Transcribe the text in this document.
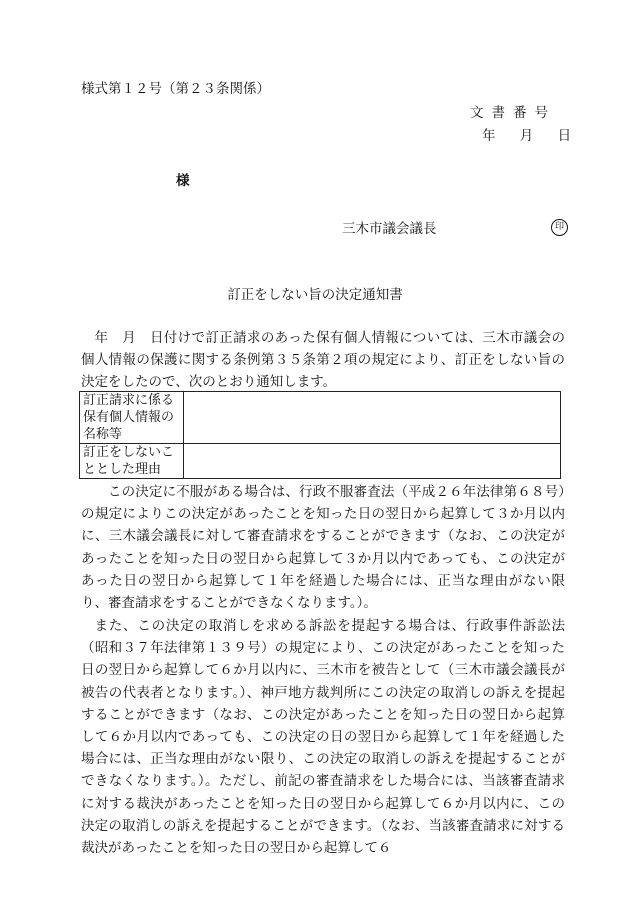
様式第１２号（第２３条関係）
文書番号
年 月 日
様
三木市議会議長	印
訂正をしない旨の決定通知書
年　月　日付けで訂正請求のあった保有個人情報については、三木市議会の個人情報の保護に関する条例第３５条第２項の規定により、訂正をしない旨の決定をしたので、次のとおり通知します。
訂正請求に係る保有個人情報の名称等	
訂正をしないこととした理由	
この決定に不服がある場合は、行政不服審査法（平成２６年法律第６８号）の規定によりこの決定があったことを知った日の翌日から起算して３か月以内に、三木議会議長に対して審査請求をすることができます（なお、この決定があったことを知った日の翌日から起算して３か月以内であっても、この決定があった日の翌日から起算して１年を経過した場合には、正当な理由がない限り、審査請求をすることができなくなります。）。
また、この決定の取消しを求める訴訟を提起する場合は、行政事件訴訟法（昭和３７年法律第１３９号）の規定により、この決定があったことを知った日の翌日から起算して６か月以内に、三木市を被告として（三木市議会議長が被告の代表者となります。）、神戸地方裁判所にこの決定の取消しの訴えを提起することができます（なお、この決定があったことを知った日の翌日から起算して６か月以内であっても、この決定の日の翌日から起算して１年を経過した場合には、正当な理由がない限り、この決定の取消しの訴えを提起することができなくなります。）。ただし、前記の審査請求をした場合には、当該審査請求に対する裁決があったことを知った日の翌日から起算して６か月以内に、この決定の取消しの訴えを提起することができます。（なお、当該審査請求に対する裁決があったことを知った日の翌日から起算して６
